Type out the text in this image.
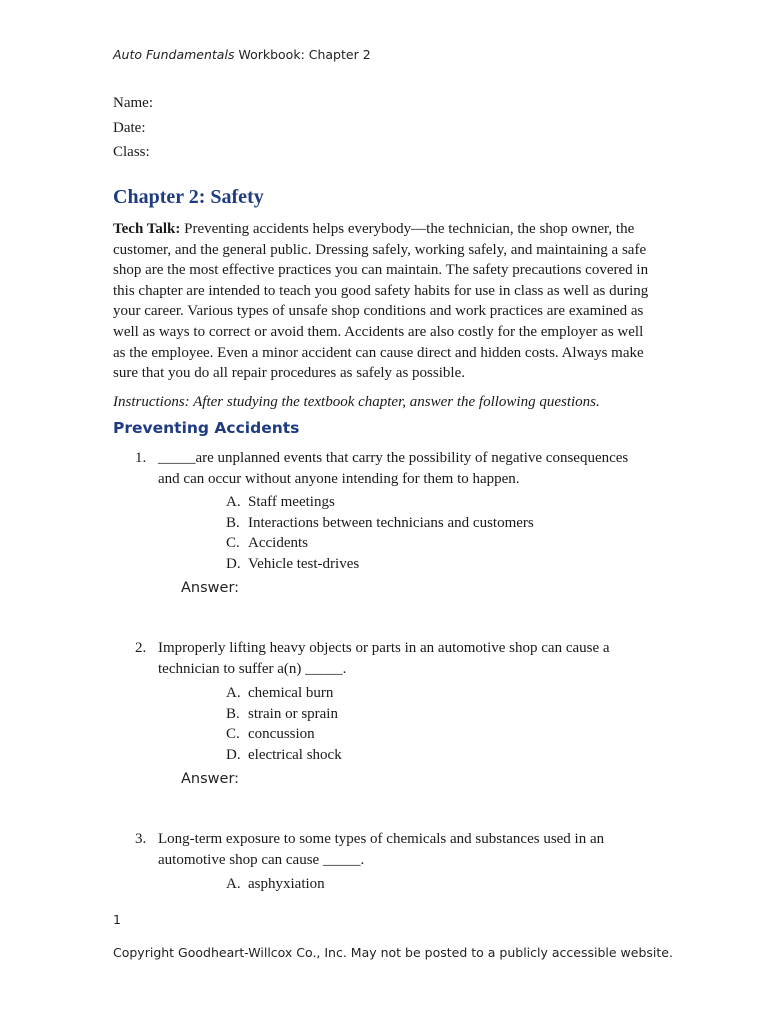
Auto Fundamentals Workbook: Chapter 2
Name:
Date:
Class:
Chapter 2: Safety

Tech Talk: Preventing accidents helps everybody—the technician, the shop owner, the customer, and the general public. Dressing safely, working safely, and maintaining a safe shop are the most effective practices you can maintain. The safety precautions covered in this chapter are intended to teach you good safety habits for use in class as well as during your career. Various types of unsafe shop conditions and work practices are examined as well as ways to correct or avoid them. Accidents are also costly for the employer as well as the employee. Even a minor accident can cause direct and hidden costs. Always make sure that you do all repair procedures as safely as possible.

Instructions: After studying the textbook chapter, answer the following questions.

Preventing Accidents
1. _____are unplanned events that carry the possibility of negative consequences and can occur without anyone intending for them to happen.
A. Staff meetings
B. Interactions between technicians and customers
C. Accidents
D. Vehicle test-drives
Answer:
2. Improperly lifting heavy objects or parts in an automotive shop can cause a technician to suffer a(n) _____.
A. chemical burn
B. strain or sprain
C. concussion
D. electrical shock
Answer:
3. Long-term exposure to some types of chemicals and substances used in an automotive shop can cause _____.
A. asphyxiation
1
Copyright Goodheart-Willcox Co., Inc. May not be posted to a publicly accessible website.
